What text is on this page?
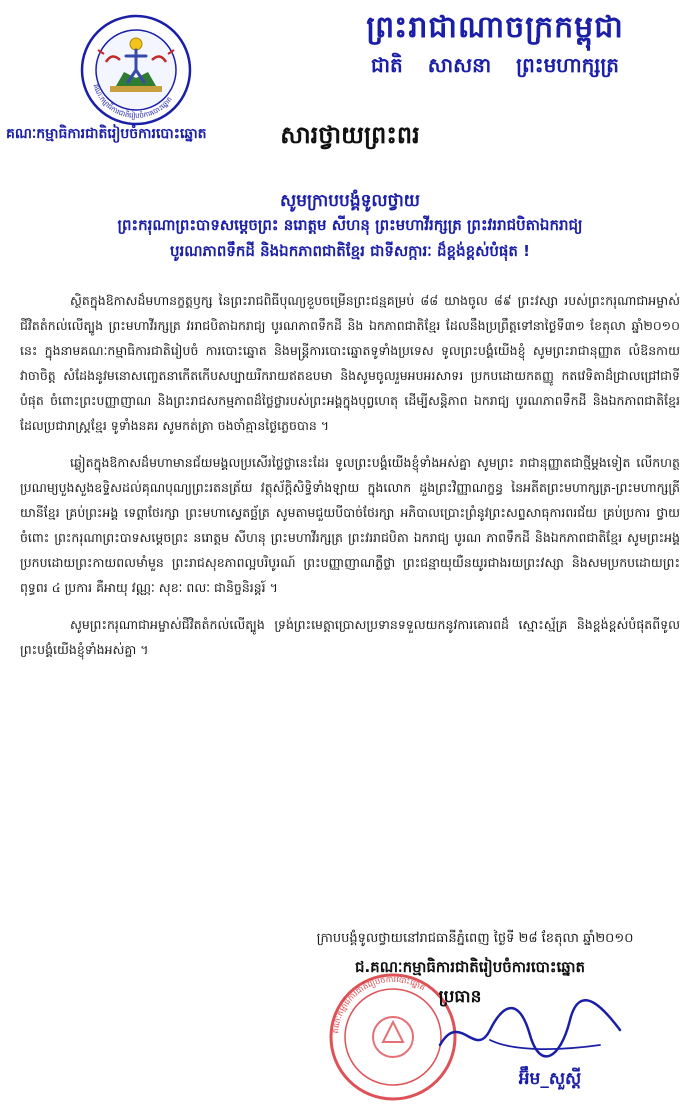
គណៈកម្មាធិការជាតិរៀបចំការបោះឆ្នោត
គណៈកម្មាធិការជាតិរៀបចំការបោះឆ្នោត
ព្រះរាជាណាចក្រកម្ពុជា
ជាតិ សាសនា ព្រះមហាក្សត្រ
សារថ្វាយព្រះពរ
សូមក្រាបបង្គំទូលថ្វាយ
ព្រះករុណាព្រះបាទសម្តេចព្រះ នរោត្តម សីហនុ ព្រះមហាវីរក្សត្រ ព្រះវររាជបិតាឯករាជ្យ
បូរណភាពទឹកដី និងឯកភាពជាតិខ្មែរ ជាទីសក្ការៈ ដ៏ខ្ពង់ខ្ពស់បំផុត !

ស្ថិតក្នុងឱកាសដ៏មហានក្ខត្តឫក្ស នៃព្រះរាជពិធីបុណ្យខួបចម្រើនព្រះជន្មគម្រប់ ៨៨ យាងចូល ៨៩ ព្រះវស្សា របស់ព្រះករុណាជាអម្ចាស់ជីវិតតំកល់លើត្បូង ព្រះមហាវីរក្សត្រ វររាជបិតាឯករាជ្យ បូរណភាពទឹកដី និង ឯកភាពជាតិខ្មែរ ដែលនឹងប្រព្រឹត្តទៅនាថ្ងៃទី៣១ ខែតុលា ឆ្នាំ២០១០ នេះ ក្នុងនាមគណៈកម្មាធិការជាតិរៀបចំ ការបោះឆ្នោត និងមន្ត្រីការបោះឆ្នោតទូទាំងប្រទេស ទូលព្រះបង្គំយើងខ្ញុំ សូមព្រះរាជានុញ្ញាត លំឱនកាយវាចាចិត្ត សំដែងនូវមនោសញ្ចេតនាកើតកើបសប្បាយរីករាយឥតឧបមា និងសូមចូលរួមអបអរសាទរ ប្រកបដោយកតញ្ញូ កតវេទិតាដ៏ជ្រាលជ្រៅជាទីបំផុត ចំពោះព្រះបញ្ញាញាណ និងព្រះរាជសកម្មភាពដ៏ថ្លៃថ្លារបស់ព្រះអង្គក្នុងបុព្វហេតុ ដើម្បីសន្តិភាព ឯករាជ្យ បូរណភាពទឹកដី និងឯកភាពជាតិខ្មែរ ដែលប្រជារាស្ត្រខ្មែរ ទូទាំងនគរ សូមកត់ត្រា ចងចាំគ្មានថ្ងៃភ្លេចបាន ។

ឆ្លៀតក្នុងឱកាសដ៏មហាមានជ័យមង្គលប្រសើរថ្លៃថ្លានេះដែរ ទូលព្រះបង្គំយើងខ្ញុំទាំងអស់គ្នា សូមព្រះ រាជានុញ្ញាតជាថ្មីម្តងទៀត លើកហត្ថប្រណម្យបួងសួងឧទ្ទិសដល់គុណបុណ្យព្រះរតនត្រ័យ វត្ថុស័ក្តិសិទ្ធិទាំងឡាយ ក្នុងលោក ដួងព្រះវិញ្ញាណក្ខន្ធ នៃអតីតព្រះមហាក្សត្រ-ព្រះមហាក្សត្រីយានីខ្មែរ គ្រប់ព្រះអង្គ ទេព្តាថែរក្សា ព្រះមហាស្វេតច្ឆ័ត្រ សូមតាមជួយបីបាច់ថែរក្សា អភិបាលប្រោះព្រំនូវព្រះសព្ទសាធុការពរជ័យ គ្រប់ប្រការ ថ្វាយចំពោះ ព្រះករុណាព្រះបាទសម្តេចព្រះ នរោត្តម សីហនុ ព្រះមហាវីរក្សត្រ ព្រះវររាជបិតា ឯករាជ្យ បូរណ ភាពទឹកដី និងឯកភាពជាតិខ្មែរ សូមព្រះអង្គប្រកបដោយព្រះកាយពលមាំមួន ព្រះរាជសុខភាពល្អបរិបូរណ៍ ព្រះបញ្ញាញាណភ្លឺថ្លា ព្រះជន្មាយុយឺនយូរជាងរយព្រះវស្សា និងសមប្រកបដោយព្រះពុទ្ធពរ ៤ ប្រការ គឺអាយុ វណ្ណៈ សុខៈ ពលៈ ជានិច្ចនិរន្តរ៍ ។

សូមព្រះករុណាជាអម្ចាស់ជីវិតតំកល់លើត្បូង ទ្រង់ព្រះមេត្តាប្រោសប្រទានទទួលយកនូវការគោរពដ៏ ស្មោះស្ម័គ្រ និងខ្ពង់ខ្ពស់បំផុតពីទូលព្រះបង្គំយើងខ្ញុំទាំងអស់គ្នា ។

ក្រាបបង្គំទូលថ្វាយនៅរាជធានីភ្នំពេញ ថ្ងៃទី ២៨ ខែតុលា ឆ្នាំ២០១០
ជ.គណៈកម្មាធិការជាតិរៀបចំការបោះឆ្នោត
គណៈកម្មាធិការជាតិរៀបចំការបោះឆ្នោត ប្រធាន
អ៊ឹម_សួស្តី
